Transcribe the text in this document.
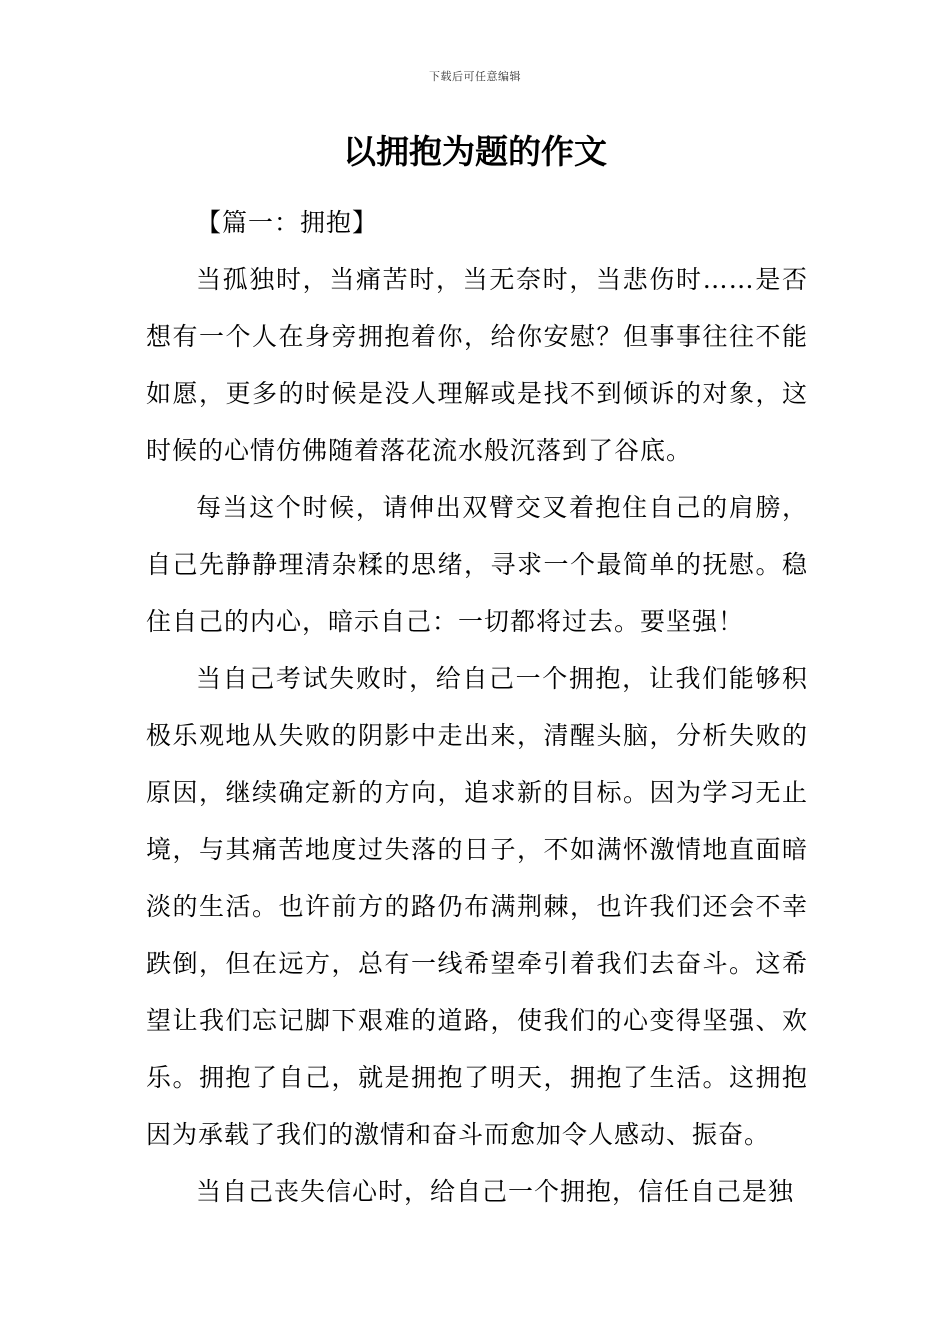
下载后可任意编辑
以拥抱为题的作文
【篇一：拥抱】

当孤独时，当痛苦时，当无奈时，当悲伤时……是否想有一个人在身旁拥抱着你，给你安慰？但事事往往不能如愿，更多的时候是没人理解或是找不到倾诉的对象，这时候的心情仿佛随着落花流水般沉落到了谷底。

每当这个时候，请伸出双臂交叉着抱住自己的肩膀，自己先静静理清杂糅的思绪，寻求一个最简单的抚慰。稳住自己的内心，暗示自己：一切都将过去。要坚强！

当自己考试失败时，给自己一个拥抱，让我们能够积极乐观地从失败的阴影中走出来，清醒头脑，分析失败的原因，继续确定新的方向，追求新的目标。因为学习无止境，与其痛苦地度过失落的日子，不如满怀激情地直面暗淡的生活。也许前方的路仍布满荆棘，也许我们还会不幸跌倒，但在远方，总有一线希望牵引着我们去奋斗。这希望让我们忘记脚下艰难的道路，使我们的心变得坚强、欢乐。拥抱了自己，就是拥抱了明天，拥抱了生活。这拥抱因为承载了我们的激情和奋斗而愈加令人感动、振奋。

当自己丧失信心时，给自己一个拥抱，信任自己是独
